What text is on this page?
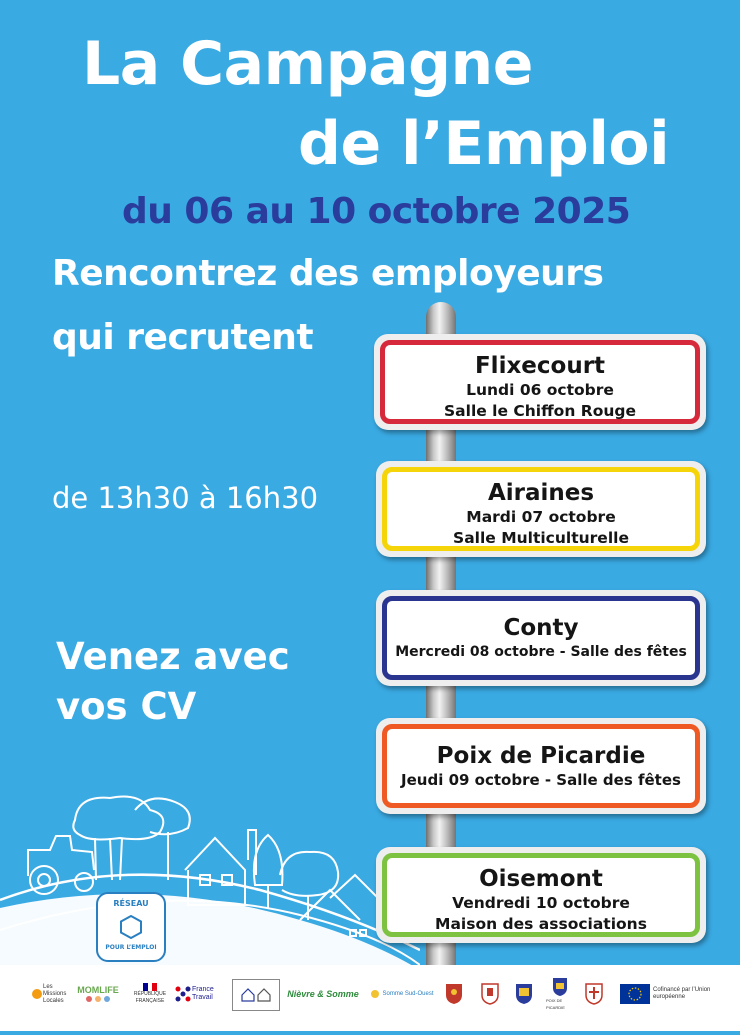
La Campagne
de l’Emploi
du 06 au 10 octobre 2025
Rencontrez des employeurs
qui recrutent
de 13h30 à 16h30
Venez avec
vos CV
RÉSEAU
POUR L’EMPLOI
Flixecourt
Lundi 06 octobre
Salle le Chiffon Rouge
Airaines
Mardi 07 octobre
Salle Multiculturelle
Conty
Mercredi 08 octobre - Salle des fêtes
Poix de Picardie
Jeudi 09 octobre - Salle des fêtes
Oisemont
Vendredi 10 octobre
Maison des associations
Les Missions Locales
MOMLIFE	RÉPUBLIQUE FRANÇAISE
France Travail	Nièvre & Somme	Somme Sud-Ouest
POIX DE PICARDIE
Cofinancé par l’Union européenne
